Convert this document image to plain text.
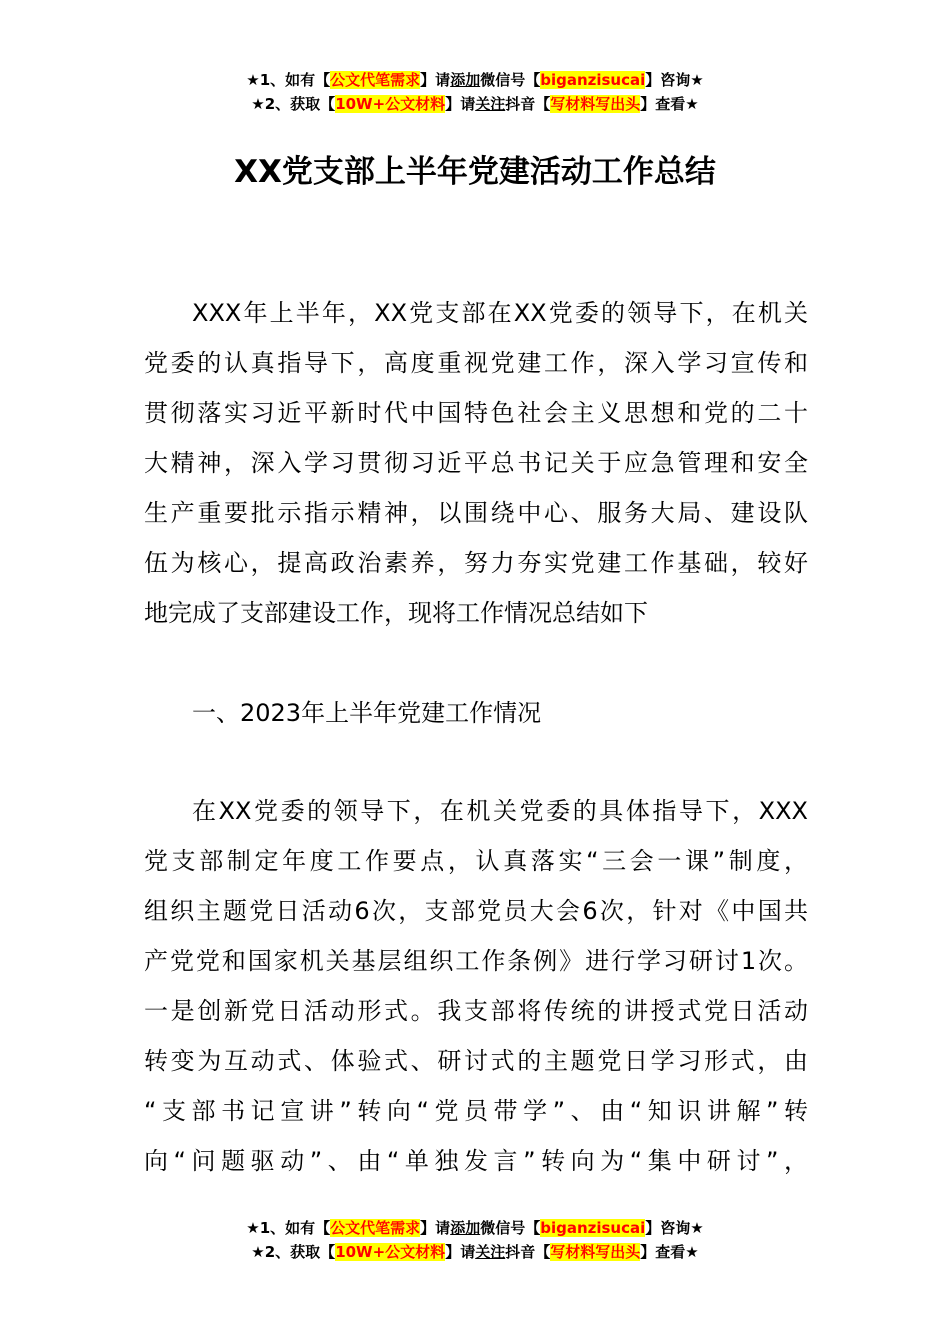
★1、如有【公文代笔需求】请添加微信号【biganzisucai】咨询★
★2、获取【10W+公文材料】请关注抖音【写材料写出头】查看★
XX党支部上半年党建活动工作总结
XXX年上半年，XX党支部在XX党委的领导下，在机关
党委的认真指导下，高度重视党建工作，深入学习宣传和
贯彻落实习近平新时代中国特色社会主义思想和党的二十
大精神，深入学习贯彻习近平总书记关于应急管理和安全
生产重要批示指示精神，以围绕中心、服务大局、建设队
伍为核心，提高政治素养，努力夯实党建工作基础，较好
地完成了支部建设工作，现将工作情况总结如下
一、2023年上半年党建工作情况
在XX党委的领导下，在机关党委的具体指导下，XXX
党支部制定年度工作要点，认真落实“三会一课”制度，
组织主题党日活动6次，支部党员大会6次，针对《中国共
产党党和国家机关基层组织工作条例》进行学习研讨1次。
一是创新党日活动形式。我支部将传统的讲授式党日活动
转变为互动式、体验式、研讨式的主题党日学习形式，由
“支部书记宣讲”转向“党员带学”、由“知识讲解”转
向“问题驱动”、由“单独发言”转向为“集中研讨”，
★1、如有【公文代笔需求】请添加微信号【biganzisucai】咨询★
★2、获取【10W+公文材料】请关注抖音【写材料写出头】查看★
